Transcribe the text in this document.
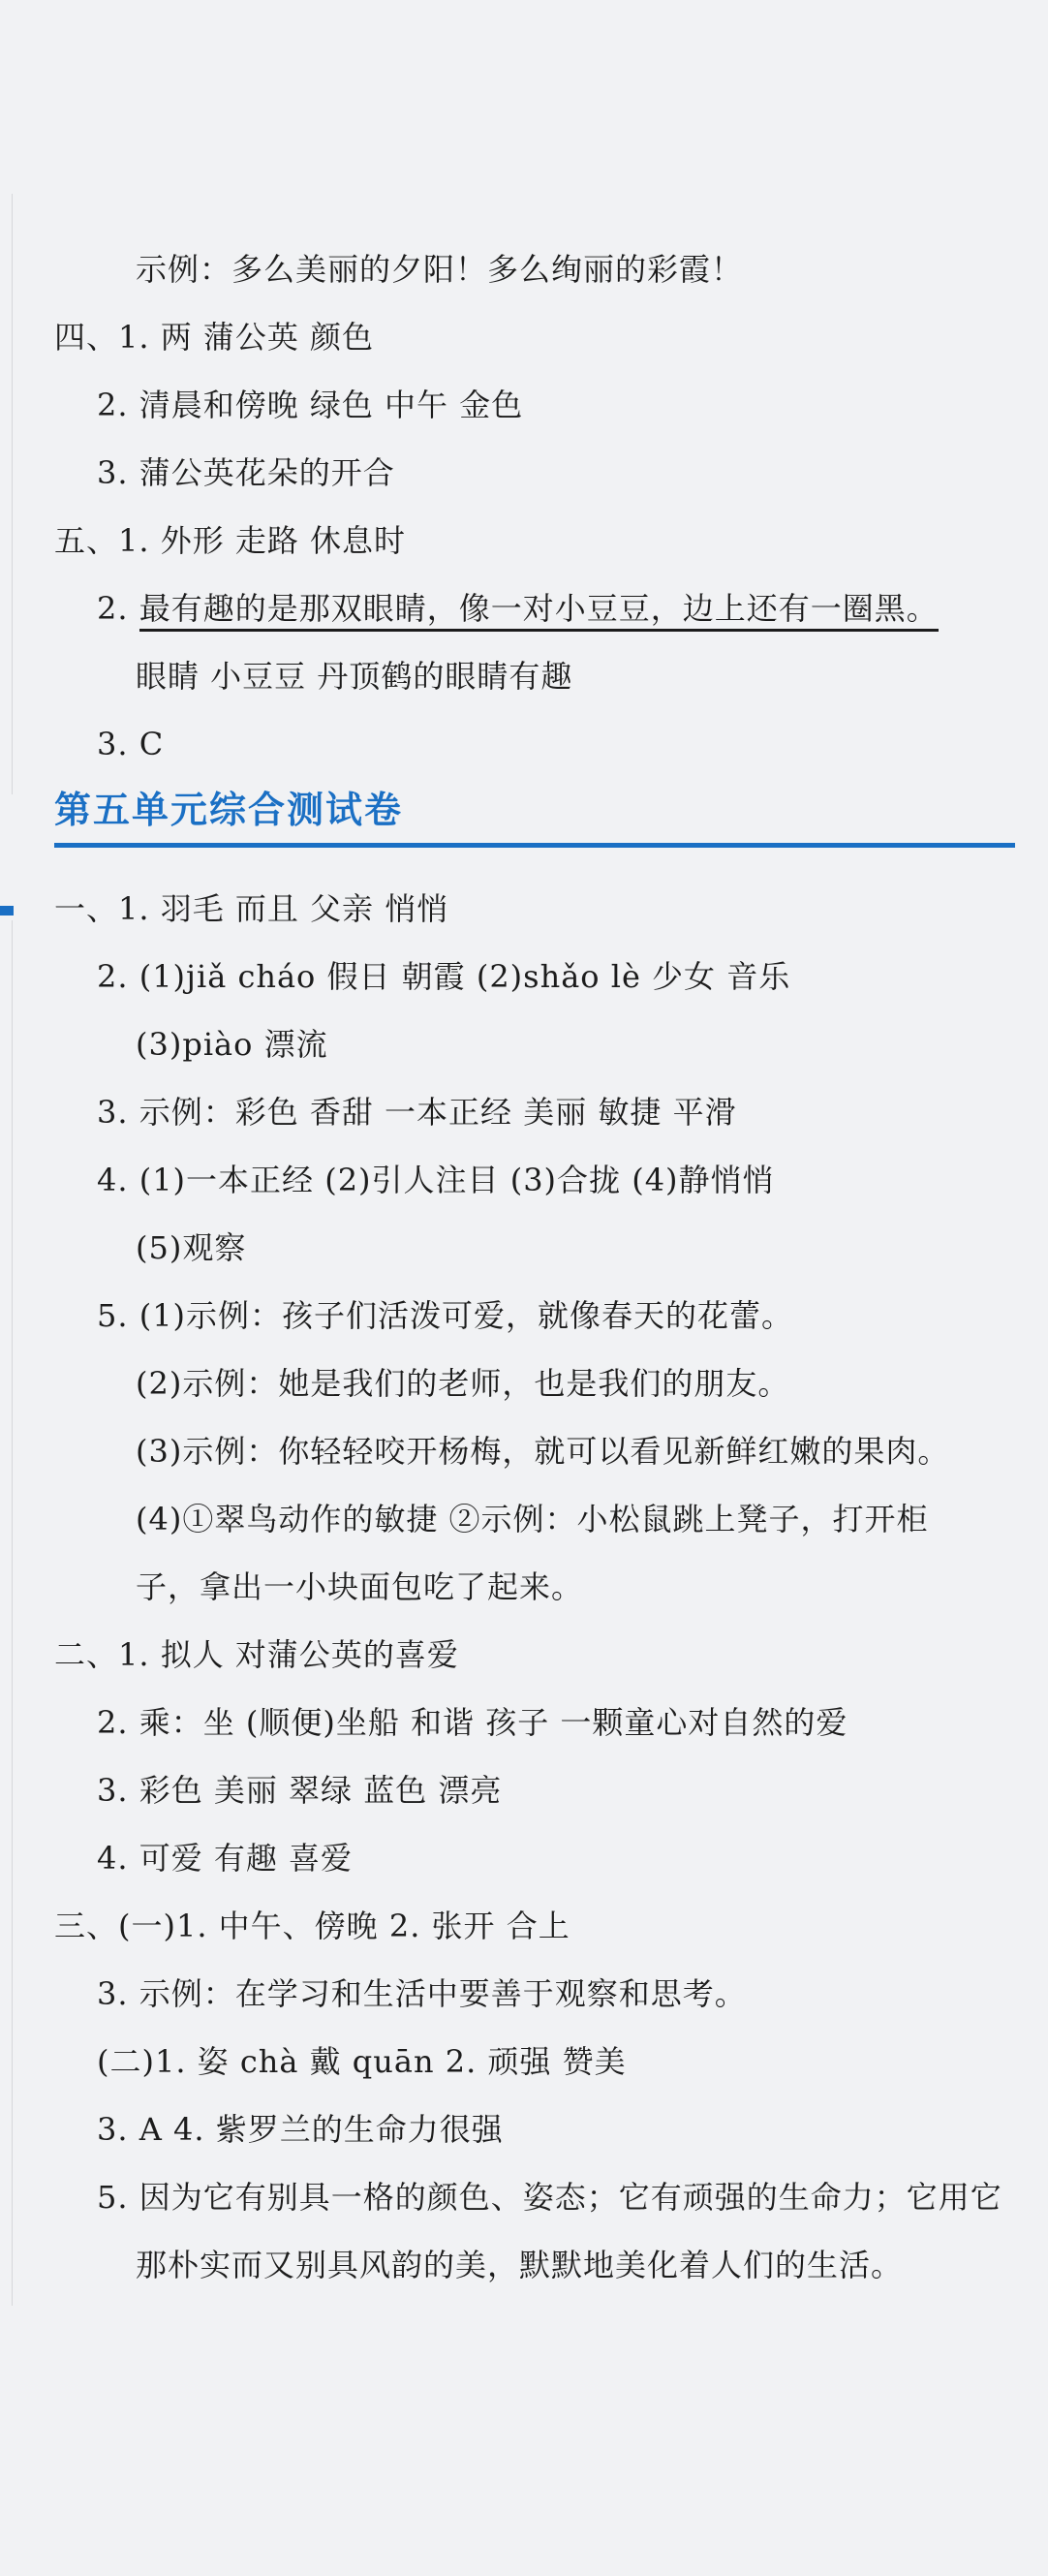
示例：多么美丽的夕阳！多么绚丽的彩霞！
四、1. 两 蒲公英 颜色
2. 清晨和傍晚 绿色 中午 金色
3. 蒲公英花朵的开合
五、1. 外形 走路 休息时
2. 最有趣的是那双眼睛，像一对小豆豆，边上还有一圈黑。
眼睛 小豆豆 丹顶鹤的眼睛有趣
3. C
第五单元综合测试卷
一、1. 羽毛 而且 父亲 悄悄
2. (1)jiǎ cháo 假日 朝霞 (2)shǎo lè 少女 音乐
(3)piào 漂流
3. 示例：彩色 香甜 一本正经 美丽 敏捷 平滑
4. (1)一本正经 (2)引人注目 (3)合拢 (4)静悄悄
(5)观察
5. (1)示例：孩子们活泼可爱，就像春天的花蕾。
(2)示例：她是我们的老师，也是我们的朋友。
(3)示例：你轻轻咬开杨梅，就可以看见新鲜红嫩的果肉。
(4)①翠鸟动作的敏捷 ②示例：小松鼠跳上凳子，打开柜
子，拿出一小块面包吃了起来。
二、1. 拟人 对蒲公英的喜爱
2. 乘：坐 (顺便)坐船 和谐 孩子 一颗童心对自然的爱
3. 彩色 美丽 翠绿 蓝色 漂亮
4. 可爱 有趣 喜爱
三、(一)1. 中午、傍晚 2. 张开 合上
3. 示例：在学习和生活中要善于观察和思考。
(二)1. 姿 chà 戴 quān 2. 顽强 赞美
3. A 4. 紫罗兰的生命力很强
5. 因为它有别具一格的颜色、姿态；它有顽强的生命力；它用它
那朴实而又别具风韵的美，默默地美化着人们的生活。
